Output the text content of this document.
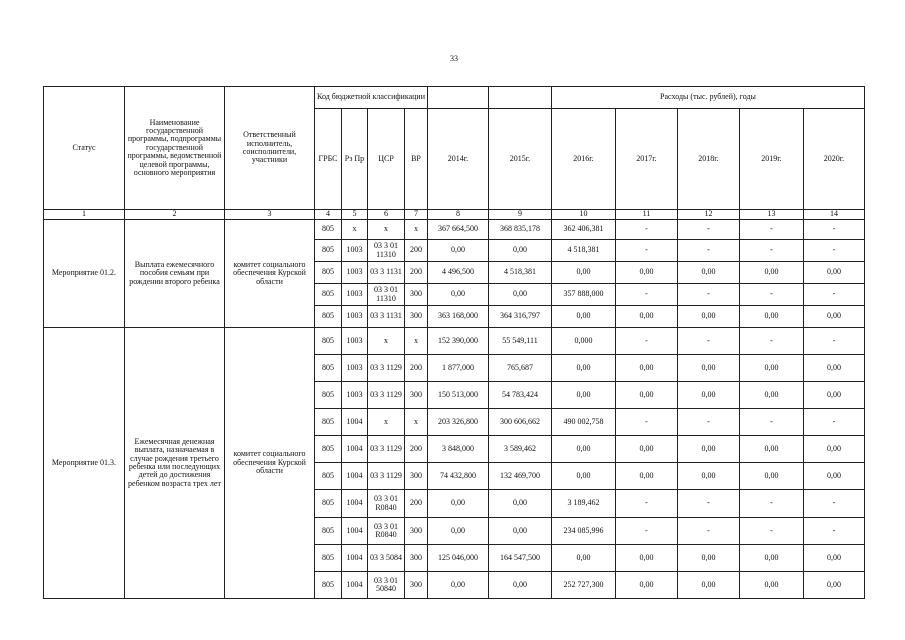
33
Статус	Наименование государственной программы, подпрограммы государственной программы, ведомственной целевой программы, основного мероприятия	Ответственный исполнитель, соисполнители, участники	Код бюджетной классификации						Расходы (тыс. рублей), годы				
			ГРБС	Рз Пр	ЦСР	ВР	2014г.	2015г.	2016г.	2017г.	2018г.	2019г.	2020г.
1	2	3	4	5	6	7	8	9	10	11	12	13	14
Мероприятие 01.2.	Выплата ежемесячного пособия семьям при рождении второго ребенка	комитет социального обеспечения Курской области	805	x	x	x	367 664,500	368 835,178	362 406,381	-	-	-	-
			805	1003	03 3 01 11310	200	0,00	0,00	4 518,381	-	-	-	-
			805	1003	03 3 1131	200	4 496,500	4 518,381	0,00	0,00	0,00	0,00	0,00
			805	1003	03 3 01 11310	300	0,00	0,00	357 888,000	-	-	-	-
			805	1003	03 3 1131	300	363 168,000	364 316,797	0,00	0,00	0,00	0,00	0,00
Мероприятие 01.3.	Ежемесячная денежная выплата, назначаемая в случае рождения третьего ребенка или последующих детей до достижения ребенком возраста трех лет	комитет социального обеспечения Курской области	805	1003	x	x	152 390,000	55 549,111	0,000	-	-	-	-
			805	1003	03 3 1129	200	1 877,000	765,687	0,00	0,00	0,00	0,00	0,00
			805	1003	03 3 1129	300	150 513,000	54 783,424	0,00	0,00	0,00	0,00	0,00
			805	1004	x	x	203 326,800	300 606,662	490 002,758	-	-	-	-
			805	1004	03 3 1129	200	3 848,000	3 589,462	0,00	0,00	0,00	0,00	0,00
			805	1004	03 3 1129	300	74 432,800	132 469,700	0,00	0,00	0,00	0,00	0,00
			805	1004	03 3 01 R0840	200	0,00	0,00	3 189,462	-	-	-	-
			805	1004	03 3 01 R0840	300	0,00	0,00	234 085,996	-	-	-	-
			805	1004	03 3 5084	300	125 046,000	164 547,500	0,00	0,00	0,00	0,00	0,00
			805	1004	03 3 01 50840	300	0,00	0,00	252 727,300	0,00	0,00	0,00	0,00
